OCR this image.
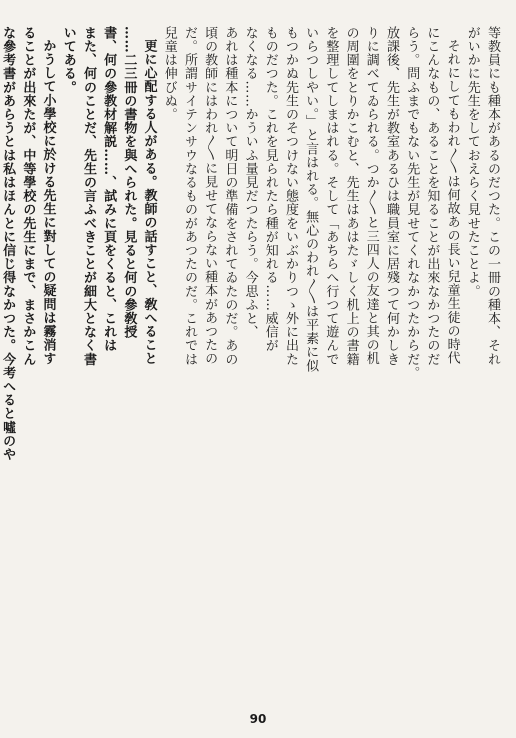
等教員にも種本があるのだつた。この一冊の種本、それ
がいかに先生をしておえらく見せたことよ。
それにしてもわれ〳〵は何故あの長い兒童生徒の時代
にこんなもの、あることを知ることが出來なかつたのだ
らう。問ふまでもない先生が見せてくれなかつたからだ。
放課後、先生が教室あるひは職員室に居殘つて何かしき
りに調べてゐられる。つか〳〵と三四人の友達と其の机
の周圍をとりかこむと、先生はあはたゞしく机上の書籍
を整理してしまはれる。そして「あちらへ行つて遊んで
いらつしやい。」と言はれる。無心のわれ〳〵は平素に似
もつかぬ先生のそつけない態度をいぶかりつゝ外に出た
ものだつた。これを見られたら種が知れる……威信が
なくなる……かういふ量見だつたらう。今思ふと、
あれは種本について明日の準備をされてゐたのだ。あの
頃の教師にはわれ〳〵に見せてならない種本があつたの
だ。所謂サイテンサウなるものがあつたのだ。これでは
兒童は伸びぬ。
更に心配する人がある。教師の話すこと、敎へること
……二三冊の書物を與へられた。見ると何の參敎授
書、何の參教材解説……、試みに頁をくると、これは
また、何のことだ、先生の言ふべきことが細大となく書
いてある。
かうして小學校に於ける先生に對しての疑問は霧消す
ることが出來たが、中等學校の先生にまで、まさかこん
な參考書があらうとは私はほんとに信じ得なかつた。今考へると噓のや
90
